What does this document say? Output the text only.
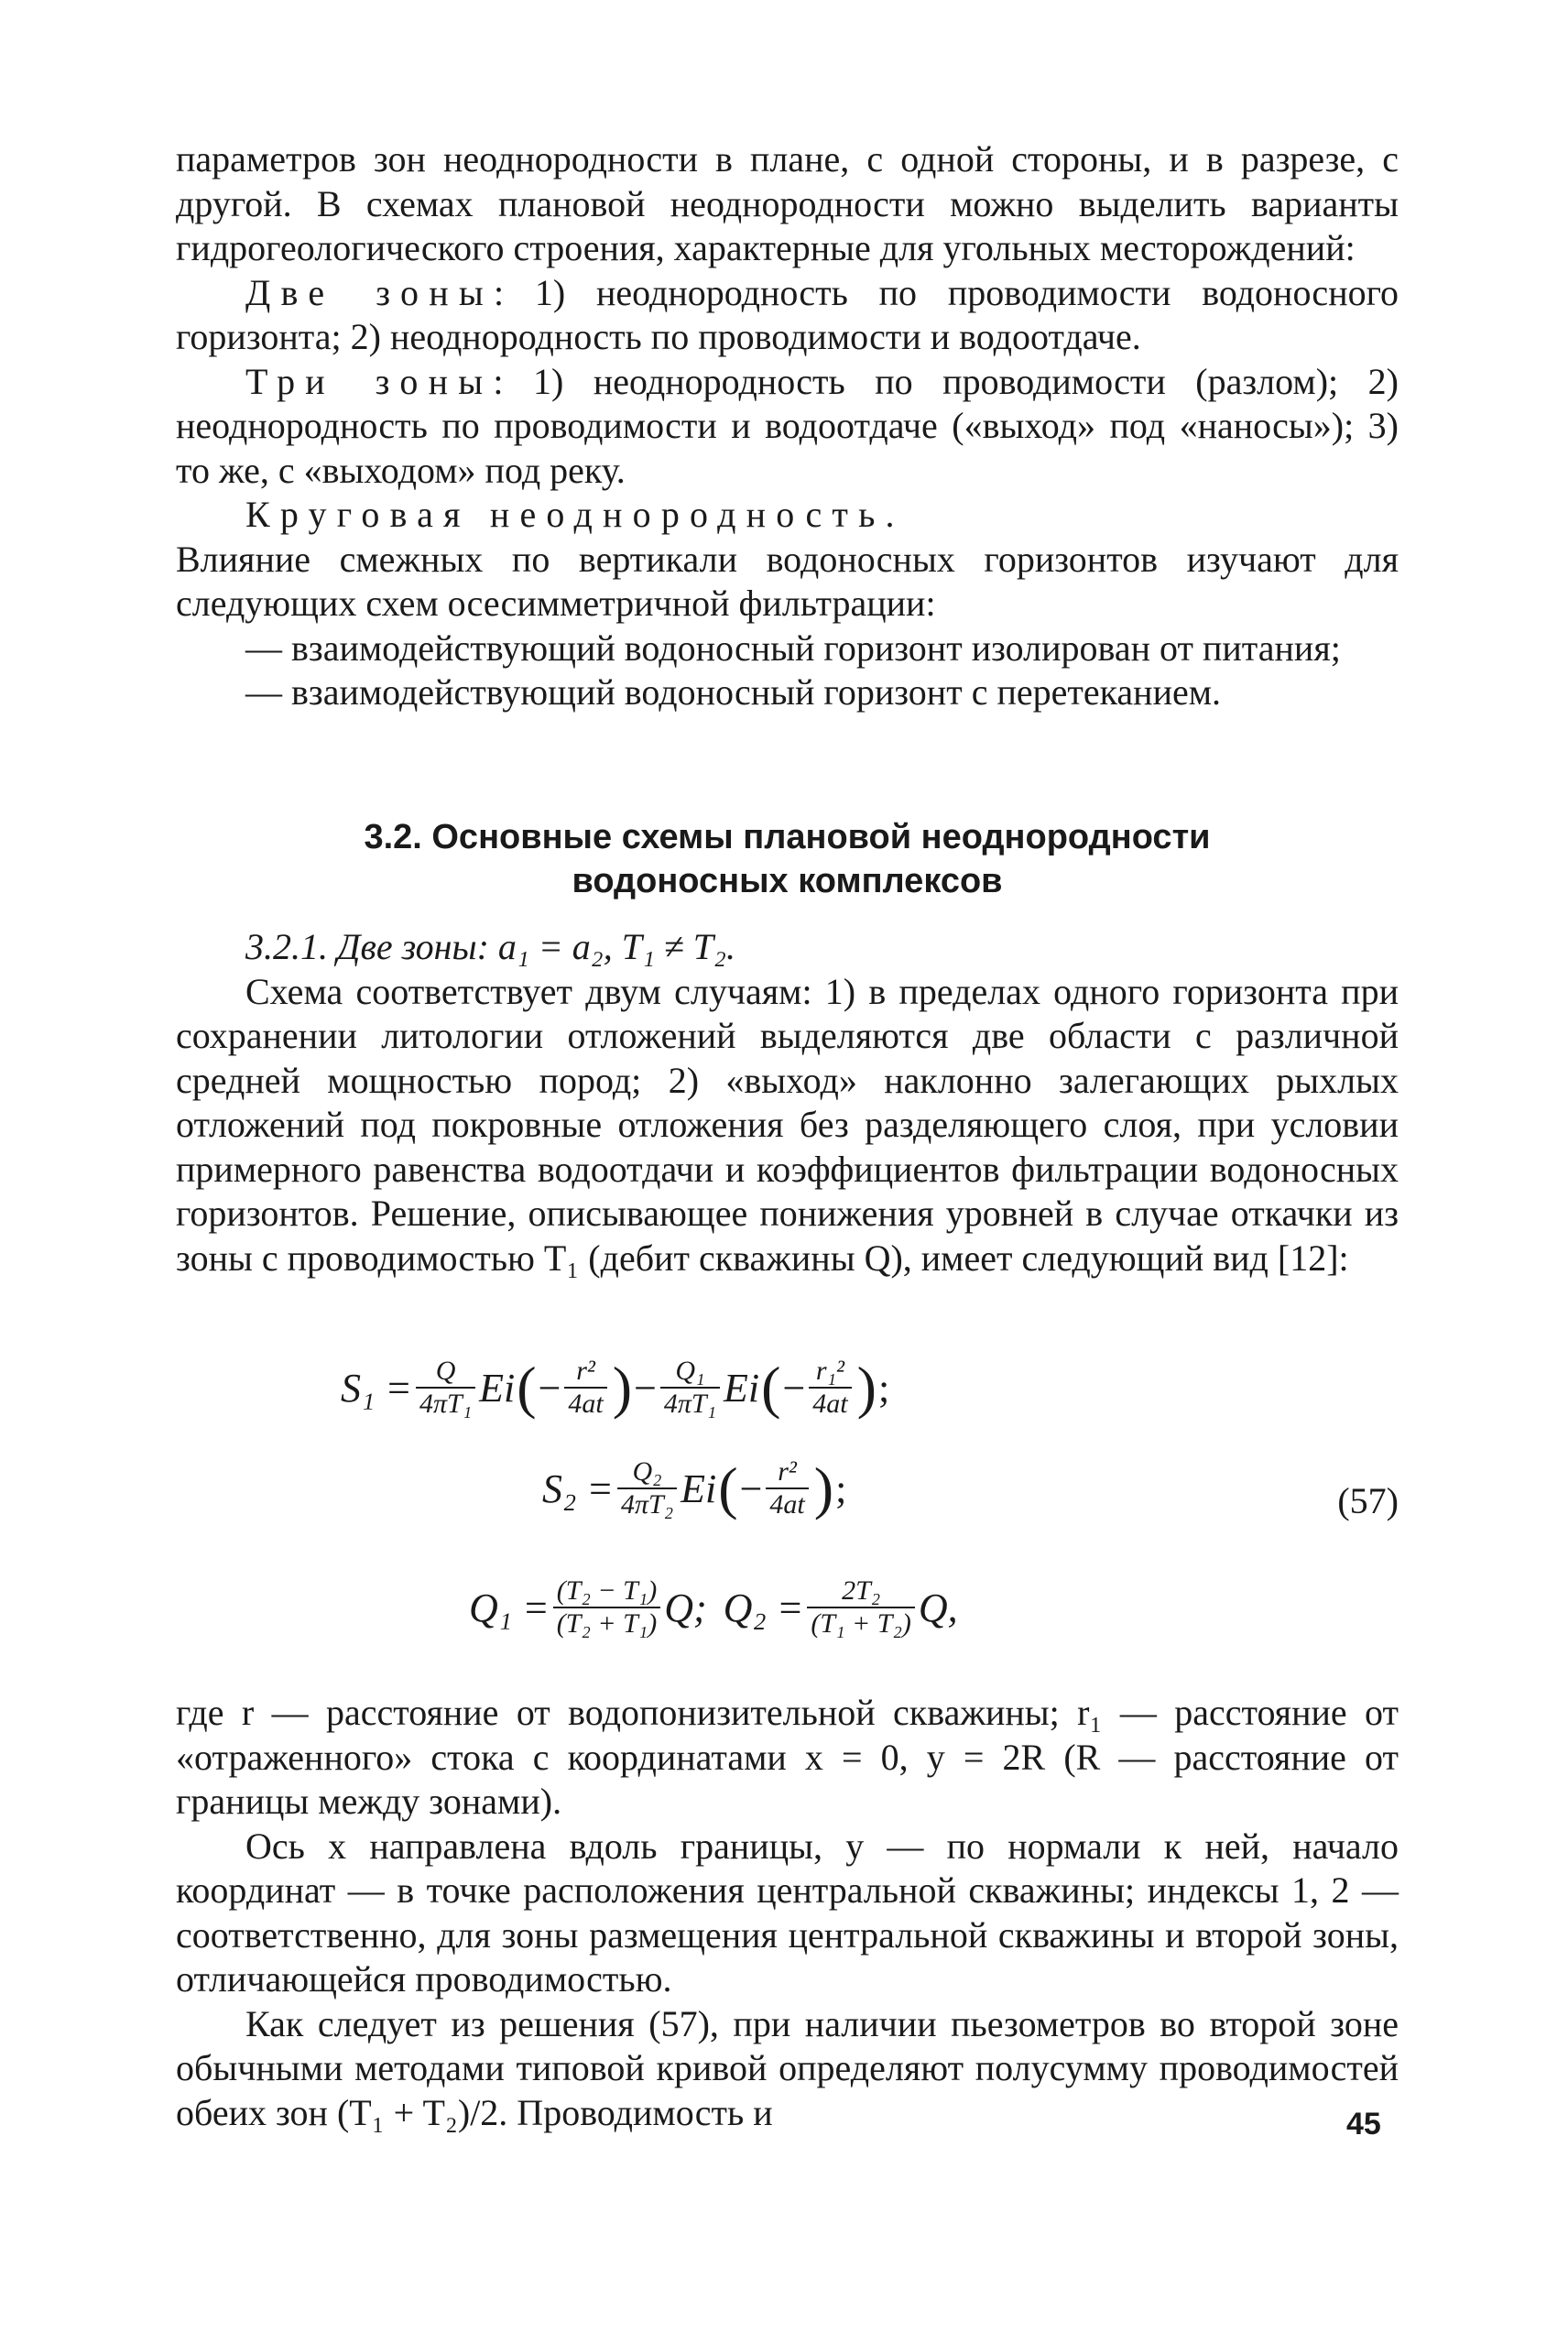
параметров зон неоднородности в плане, с одной стороны, и в разрезе, с другой. В схемах плановой неоднородности можно выделить варианты гидрогеологического строения, характерные для угольных месторождений:

Две зоны: 1) неоднородность по проводимости водоносного горизонта; 2) неоднородность по проводимости и водоотдаче.

Три зоны: 1) неоднородность по проводимости (разлом); 2) неоднородность по проводимости и водоотдаче («выход» под «наносы»); 3) то же, с «выходом» под реку.

Круговая неоднородность.

Влияние смежных по вертикали водоносных горизонтов изучают для следующих схем осесимметричной фильтрации:

— взаимодействующий водоносный горизонт изолирован от питания;

— взаимодействующий водоносный горизонт с перетеканием.

3.2. Основные схемы плановой неоднородности

водоносных комплексов

3.2.1. Две зоны: a₁ = a₂, T₁ ≠ T₂.

Схема соответствует двум случаям: 1) в пределах одного горизонта при сохранении литологии отложений выделяются две области с различной средней мощностью пород; 2) «выход» наклонно залегающих рыхлых отложений под покровные отложения без разделяющего слоя, при условии примерного равенства водоотдачи и коэффициентов фильтрации водоносных горизонтов. Решение, описывающее понижения уровней в случае откачки из зоны с проводимостью T₁ (дебит скважины Q), имеет следующий вид [12]:

$S_1 = \frac{Q}{\text{4πT₁}}$ Ei ( − $\frac{\text{r²}}{4at}$ ) − $\frac{\text{Q₁}}{\text{4πT₁}}$ Ei ( − $\frac{\text{r₁²}}{4at}$ ) ;
$S_2 = \frac{\text{Q₂}}{\text{4πT₂}}$ Ei ( − $\frac{\text{r²}}{4at}$ ) ;	(57)
$Q_1 = \frac{\text{(T₂ − T₁)}}{\text{(T₂ + T₁)}} Q$; $Q_2 = \frac{\text{2T₂}}{\text{(T₁ + T₂)}} Q$,

где r — расстояние от водопонизительной скважины; r₁ — расстояние от «отраженного» стока с координатами x = 0, y = 2R (R — расстояние от границы между зонами).

Ось x направлена вдоль границы, y — по нормали к ней, начало координат — в точке расположения центральной скважины; индексы 1, 2 — соответственно, для зоны размещения центральной скважины и второй зоны, отличающейся проводимостью.

Как следует из решения (57), при наличии пьезометров во второй зоне обычными методами типовой кривой определяют полусумму проводимостей обеих зон (T₁ + T₂)/2. Проводимость и	45
